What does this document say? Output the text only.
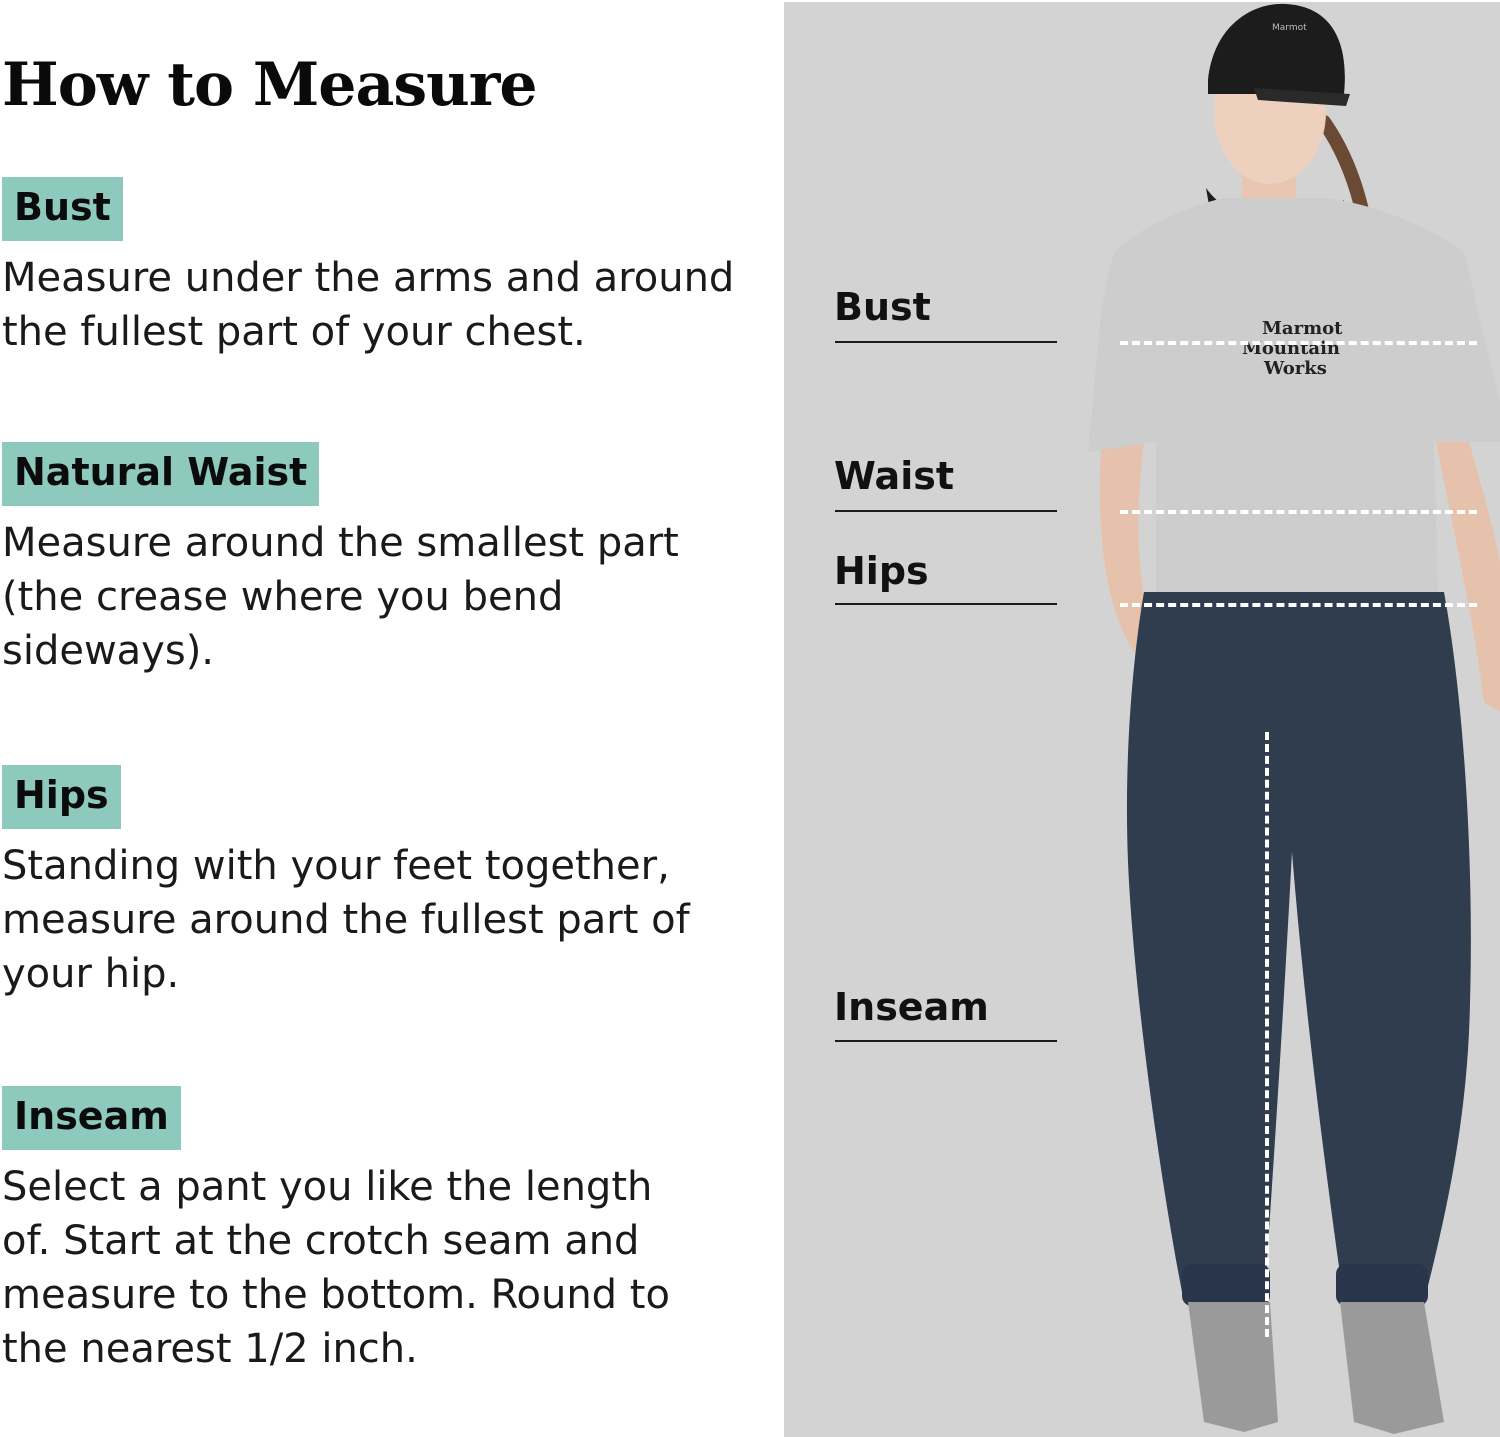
How to Measure
Bust

Measure under the arms and around the fullest part of your chest.

Natural Waist

Measure around the smallest part (the crease where you bend sideways).

Hips

Standing with your feet together, measure around the fullest part of your hip.

Inseam

Select a pant you like the length of. Start at the crotch seam and measure to the bottom. Round to the nearest 1/2 inch.

Marmot
Marmot
Mountain
Works
Bust
Waist
Hips
Inseam
